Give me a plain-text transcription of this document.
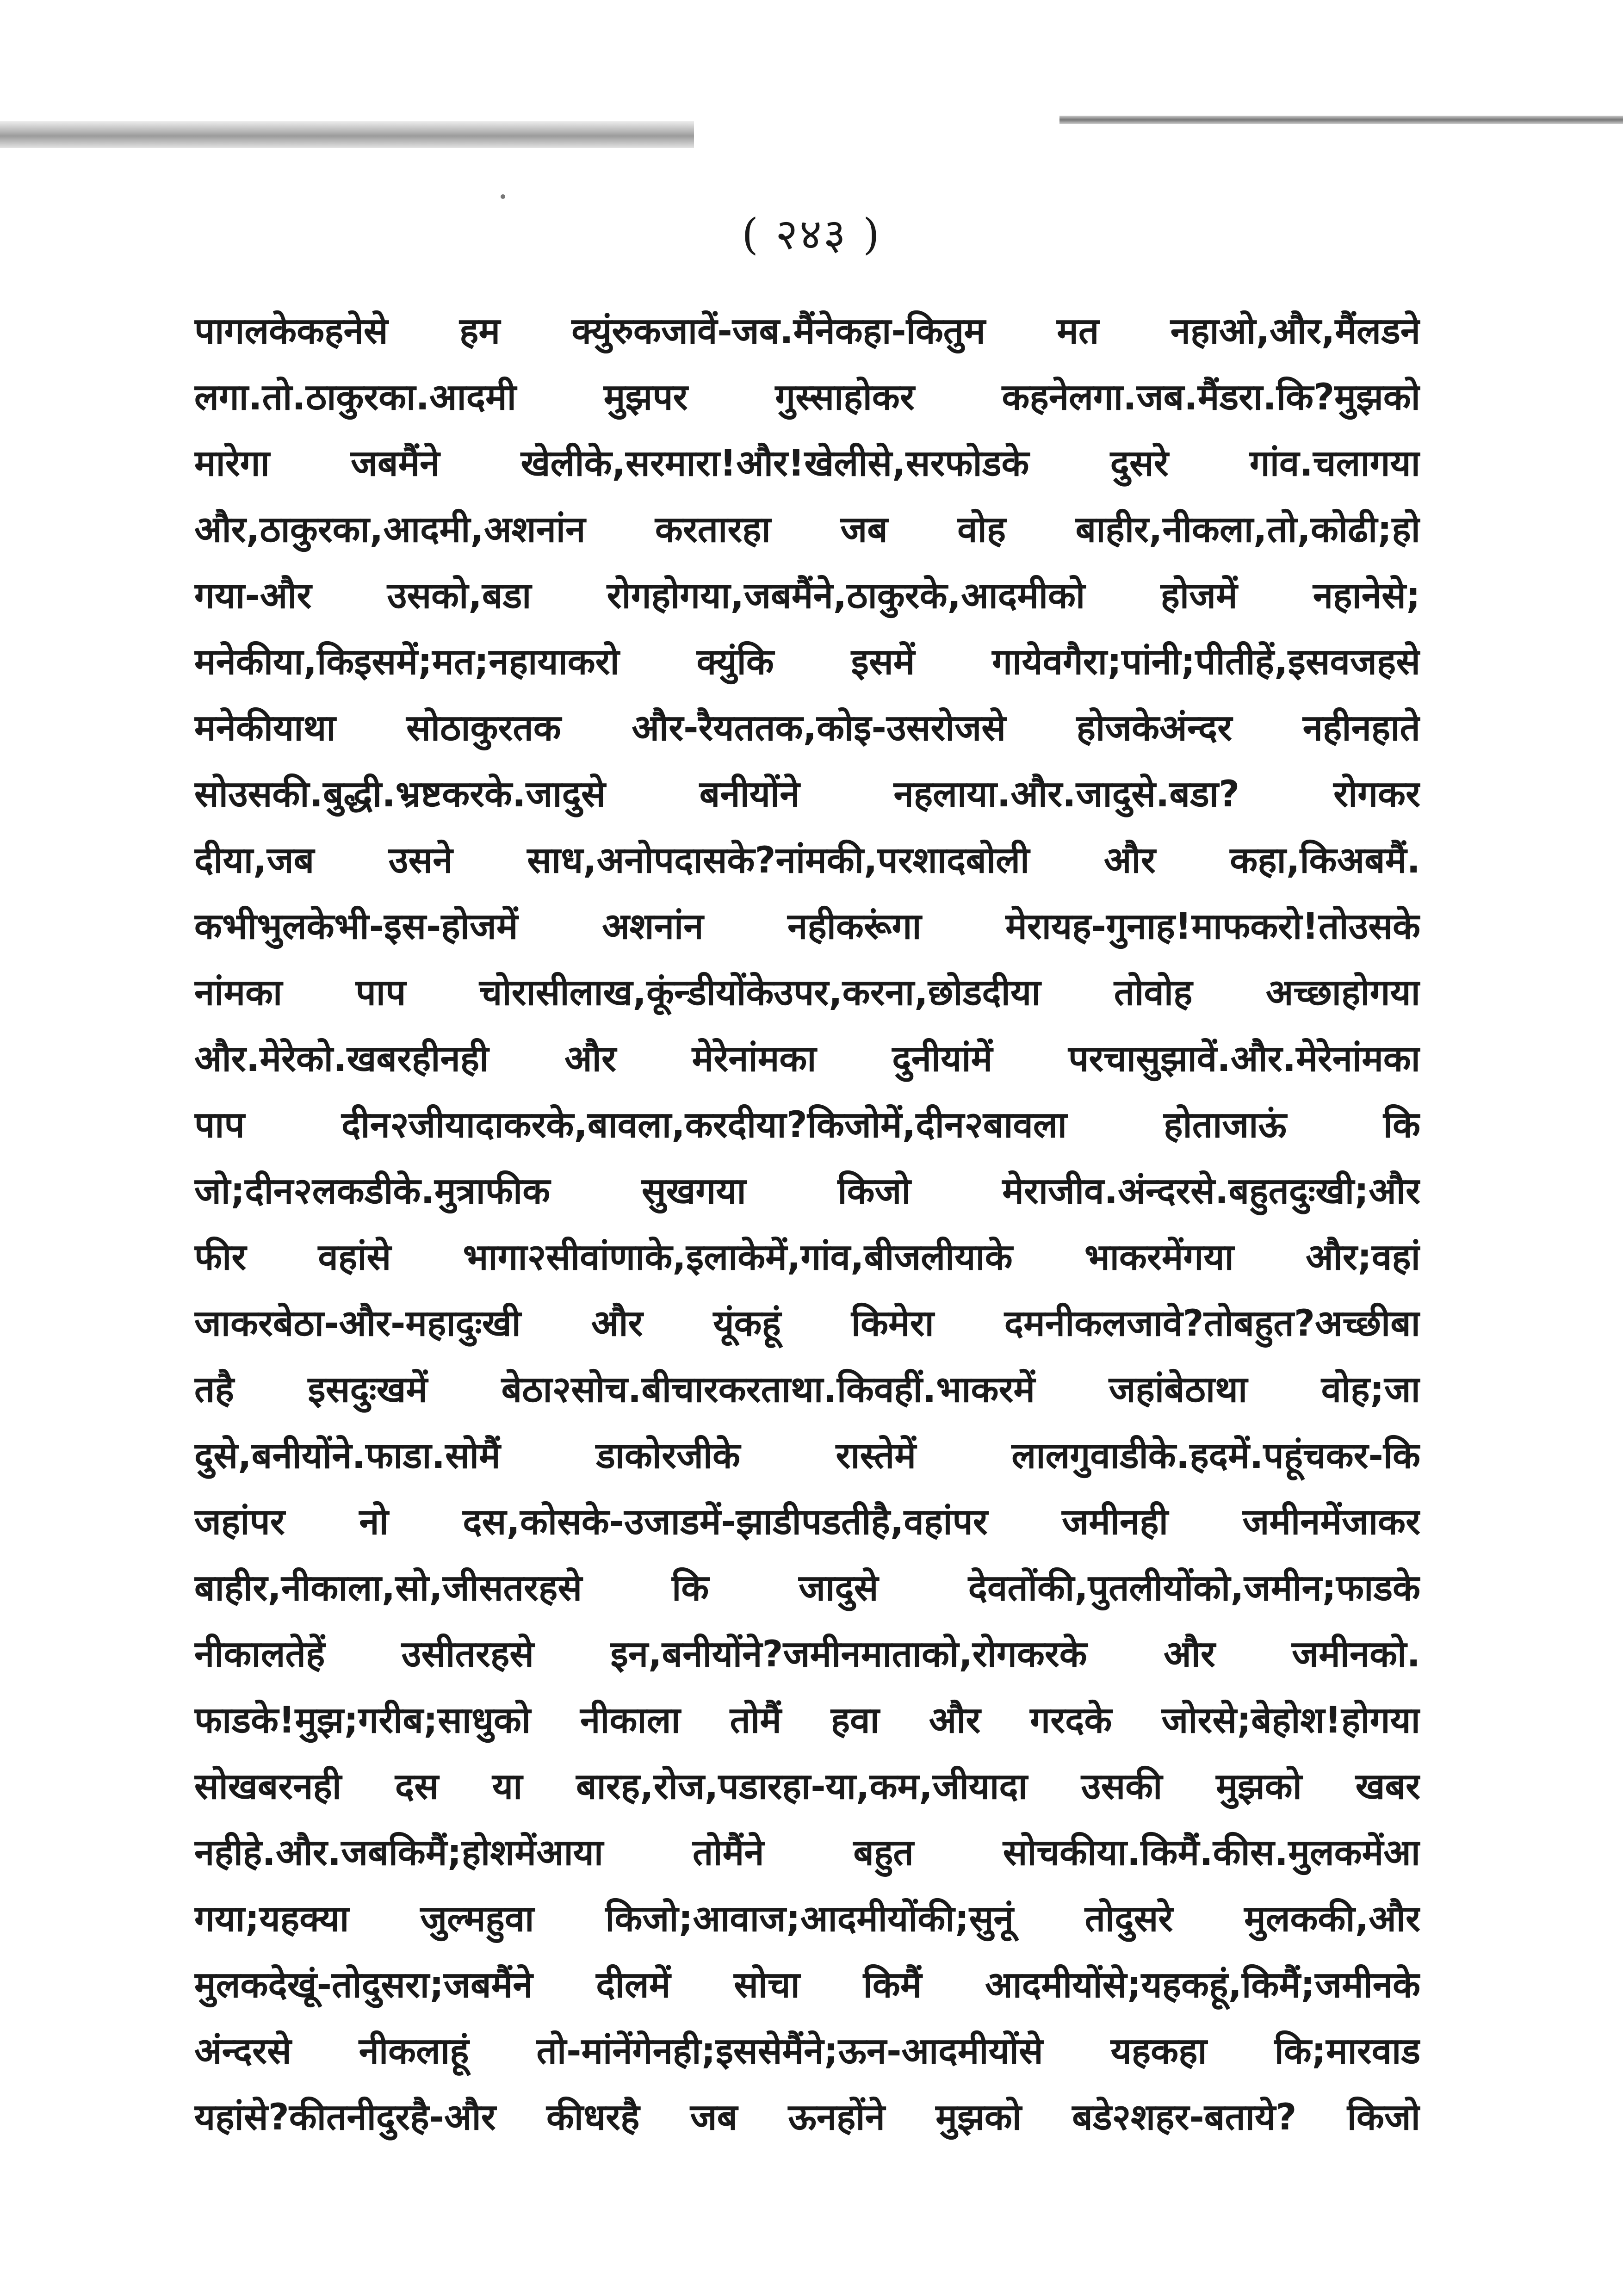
( २४३ )
पागलकेकहनेसे हम क्युंरुकजावें-जब.मैंनेकहा-कितुम मत नहाओ,और,मैंलडने
लगा.तो.ठाकुरका.आदमी मुझपर गुस्साहोकर कहनेलगा.जब.मैंडरा.कि?मुझको
मारेगा जबमैंने खेलीके,सरमारा!और!खेलीसे,सरफोडके दुसरे गांव.चलागया
और,ठाकुरका,आदमी,अशनांन करतारहा जब वोह बाहीर,नीकला,तो,कोढी;हो
गया-और उसको,बडा रोगहोगया,जबमैंने,ठाकुरके,आदमीको होजमें नहानेसे;
मनेकीया,किइसमें;मत;नहायाकरो क्युंकि इसमें गायेवगैरा;पांनी;पीतीहें,इसवजहसे
मनेकीयाथा सोठाकुरतक और-रैयततक,कोइ-उसरोजसे होजकेअंन्दर नहीनहाते
सोउसकी.बुद्धी.भ्रष्टकरके.जादुसे बनीयोंने नहलाया.और.जादुसे.बडा? रोगकर
दीया,जब उसने साध,अनोपदासके?नांमकी,परशादबोली और कहा,किअबमैं.
कभीभुलकेभी-इस-होजमें अशनांन नहीकरूंगा मेरायह-गुनाह!माफकरो!तोउसके
नांमका पाप चोरासीलाख,कूंन्डीयोंकेउपर,करना,छोडदीया तोवोह अच्छाहोगया
और.मेरेको.खबरहीनही और मेरेनांमका दुनीयांमें परचासुझावें.और.मेरेनांमका
पाप दीन२जीयादाकरके,बावला,करदीया?किजोमें,दीन२बावला होताजाऊं कि
जो;दीन२लकडीके.मुत्राफीक सुखगया किजो मेराजीव.अंन्दरसे.बहुतदुःखी;और
फीर वहांसे भागा२सीवांणाके,इलाकेमें,गांव,बीजलीयाके भाकरमेंगया और;वहां
जाकरबेठा-और-महादुःखी और यूंकहूं किमेरा दमनीकलजावे?तोबहुत?अच्छीबा
तहै इसदुःखमें बेठा२सोच.बीचारकरताथा.किवहीं.भाकरमें जहांबेठाथा वोह;जा
दुसे,बनीयोंने.फाडा.सोमैं डाकोरजीके रास्तेमें लालगुवाडीके.हदमें.पहूंचकर-कि
जहांपर नो दस,कोसके-उजाडमें-झाडीपडतीहै,वहांपर जमीनही जमीनमेंजाकर
बाहीर,नीकाला,सो,जीसतरहसे कि जादुसे देवतोंकी,पुतलीयोंको,जमीन;फाडके
नीकालतेहें उसीतरहसे इन,बनीयोंने?जमीनमाताको,रोगकरके और जमीनको.
फाडके!मुझ;गरीब;साधुको नीकाला तोमैं हवा और गरदके जोरसे;बेहोश!होगया
सोखबरनही दस या बारह,रोज,पडारहा-या,कम,जीयादा उसकी मुझको खबर
नहीहे.और.जबकिमैं;होशमेंआया तोमैंने बहुत सोचकीया.किमैं.कीस.मुलकमेंआ
गया;यहक्या जुल्महुवा किजो;आवाज;आदमीयोंकी;सुनूं तोदुसरे मुलककी,और
मुलकदेखूं-तोदुसरा;जबमैंने दीलमें सोचा किमैं आदमीयोंसे;यहकहूं,किमैं;जमीनके
अंन्दरसे नीकलाहूं तो-मांनेंगेनही;इससेमैंने;ऊन-आदमीयोंसे यहकहा कि;मारवाड
यहांसे?कीतनीदुरहै-और कीधरहै जब ऊनहोंने मुझको बडे२शहर-बताये? किजो
